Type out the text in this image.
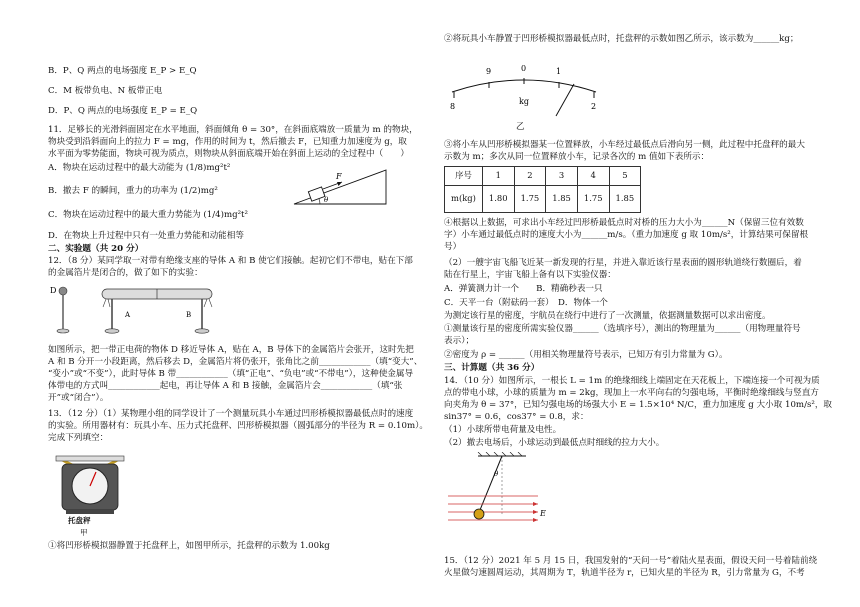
B．P、Q 两点的电场强度 E_P > E_Q
C．M 板带负电、N 板带正电
D．P、Q 两点的电场强度 E_P = E_Q
11．足够长的光滑斜面固定在水平地面，斜面倾角 θ = 30°，在斜面底端放一质量为 m 的物块，
物块受到沿斜面向上的拉力 F = mg，作用的时间为 t，然后撤去 F，已知重力加速度为 g，取
水平面为零势能面，物块可视为质点，则物块从斜面底端开始在斜面上运动的全过程中（　　）
A．物块在运动过程中的最大动能为 (1/8)mg²t²
B．撤去 F 的瞬间，重力的功率为 (1/2)mg²
C．物块在运动过程中的最大重力势能为 (1/4)mg²t²
D．在物块上升过程中只有一处重力势能和动能相等
F
θ
二、实验题（共 20 分）
12．（8 分）某同学取一对带有绝缘支座的导体 A 和 B 使它们接触。起初它们不带电，贴在下部
的金属箔片是闭合的，做了如下的实验：
D
A	B
如图所示，把一带正电荷的物体 D 移近导体 A，贴在 A，B 导体下的金属箔片会张开，这时先把
A 和 B 分开一小段距离，然后移去 D，金属箔片将仍张开，张角比之前____________（填“变大”、
“变小”或“不变”），此时导体 B 带____________（填“正电”、“负电”或“不带电”），这种使金属导
体带电的方式叫____________起电，再让导体 A 和 B 接触，金属箔片会____________（填“张
开”或“闭合”）。
13．（12 分）（1）某物理小组的同学设计了一个测量玩具小车通过凹形桥模拟器最低点时的速度
的实验。所用器材有：玩具小车、压力式托盘秤、凹形桥模拟器（圆弧部分的半径为 R = 0.10m）。
完成下列填空：
托盘秤
甲
①将凹形桥模拟器静置于托盘秤上，如图甲所示，托盘秤的示数为 1.00kg
②将玩具小车静置于凹形桥模拟器最低点时，托盘秤的示数如图乙所示，该示数为______kg；
8
9	0	1
2
kg
乙
③将小车从凹形桥模拟器某一位置释放，小车经过最低点后滑向另一侧，此过程中托盘秤的最大
示数为 m；多次从同一位置释放小车，记录各次的 m 值如下表所示：
序号	1	2	3	4	5
m(kg)	1.80	1.75	1.85	1.75	1.85
④根据以上数据，可求出小车经过凹形桥最低点时对桥的压力大小为______N（保留三位有效数
字）小车通过最低点时的速度大小为______m/s。（重力加速度 g 取 10m/s²，计算结果可保留根
号）
（2）一艘宇宙飞船飞近某一新发现的行星，并进入靠近该行星表面的圆形轨道绕行数圈后，着
陆在行星上，宇宙飞船上备有以下实验仪器：
A．弹簧测力计一个　　B．精确秒表一只
C．天平一台（附砝码一套）　D．物体一个
为测定该行星的密度，宇航员在绕行中进行了一次测量，依据测量数据可以求出密度。
①测量该行星的密度所需实验仪器______（选填序号），测出的物理量为______（用物理量符号
表示）；
②密度为 ρ = ______（用相关物理量符号表示，已知万有引力常量为 G）。
三、计算题（共 36 分）
14．（10 分）如图所示，一根长 L = 1m 的绝缘细线上端固定在天花板上，下端连接一个可视为质
点的带电小球，小球的质量为 m = 2kg，现加上一水平向右的匀强电场，平衡时绝缘细线与竖直方
向夹角为 θ = 37°，已知匀强电场的场强大小 E = 1.5×10⁴ N/C，重力加速度 g 大小取 10m/s²，取
sin37° = 0.6，cos37° = 0.8，求：
（1）小球所带电荷量及电性。
（2）撤去电场后，小球运动到最低点时细线的拉力大小。
θ
E
15．（12 分）2021 年 5 月 15 日，我国发射的“天问一号”着陆火星表面，假设天问一号着陆前绕
火星做匀速圆周运动，其周期为 T，轨道半径为 r，已知火星的半径为 R，引力常量为 G，不考
